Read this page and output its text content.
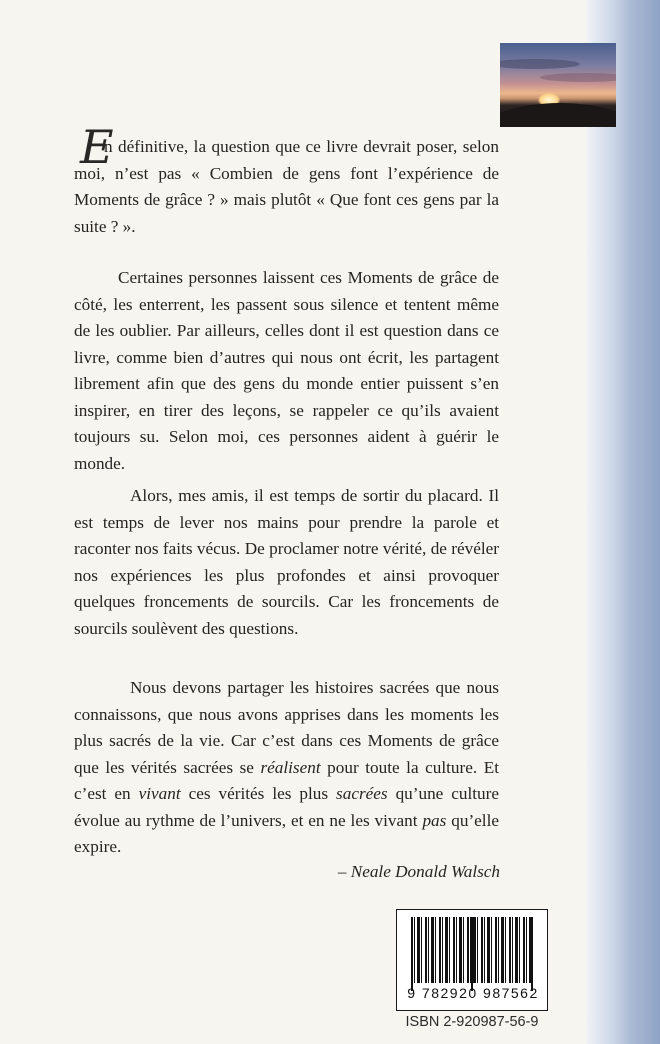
E

n définitive, la question que ce livre devrait poser, selon moi, n’est pas « Combien de gens font l’expérience de Moments de grâce ? » mais plutôt « Que font ces gens par la suite ? ».

Certaines personnes laissent ces Moments de grâce de côté, les enterrent, les passent sous silence et tentent même de les oublier. Par ailleurs, celles dont il est question dans ce livre, comme bien d’autres qui nous ont écrit, les partagent librement afin que des gens du monde entier puissent s’en inspirer, en tirer des leçons, se rappeler ce qu’ils avaient toujours su. Selon moi, ces personnes aident à guérir le monde.

Alors, mes amis, il est temps de sortir du placard. Il est temps de lever nos mains pour prendre la parole et raconter nos faits vécus. De proclamer notre vérité, de révéler nos expériences les plus profondes et ainsi provoquer quelques froncements de sourcils. Car les froncements de sourcils soulèvent des questions.

Nous devons partager les histoires sacrées que nous connaissons, que nous avons apprises dans les moments les plus sacrés de la vie. Car c’est dans ces Moments de grâce que les vérités sacrées se réalisent pour toute la culture. Et c’est en vivant ces vérités les plus sacrées qu’une culture évolue au rythme de l’univers, et en ne les vivant pas qu’elle expire.

– Neale Donald Walsch

9 782920 987562
ISBN 2-920987-56-9
